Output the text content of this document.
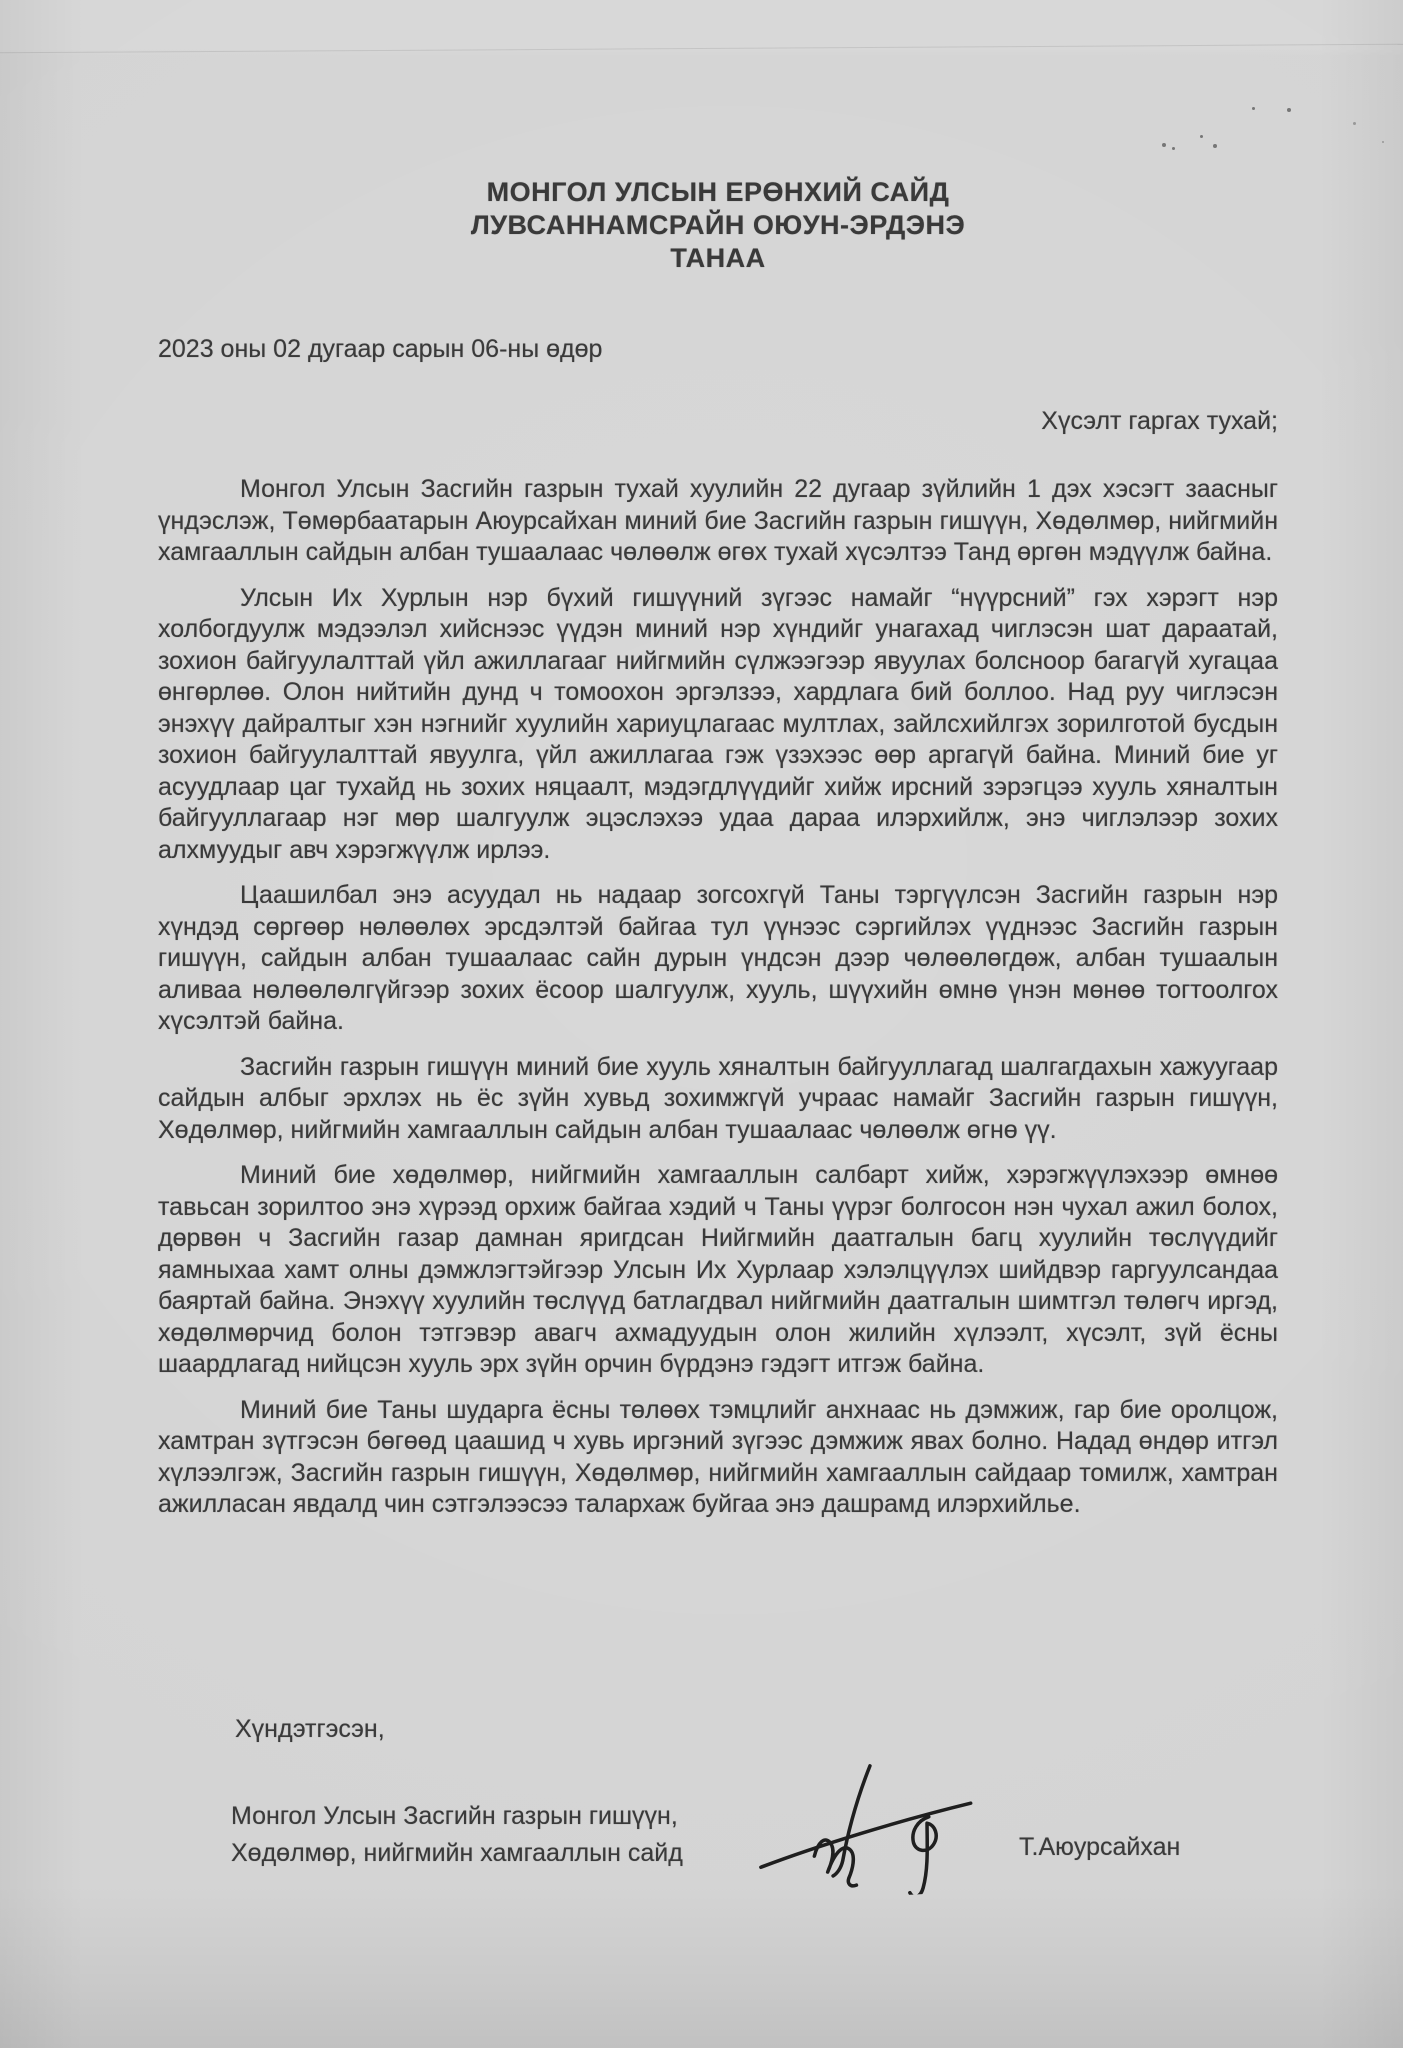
МОНГОЛ УЛСЫН ЕРӨНХИЙ САЙД
ЛУВСАННАМСРАЙН ОЮУН-ЭРДЭНЭ
ТАНАА
2023 оны 02 дугаар сарын 06-ны өдөр
Хүсэлт гаргах тухай;

Монгол Улсын Засгийн газрын тухай хуулийн 22 дугаар зүйлийн 1 дэх хэсэгт заасныг үндэслэж, Төмөрбаатарын Аюурсайхан миний бие Засгийн газрын гишүүн, Хөдөлмөр, нийгмийн хамгааллын сайдын албан тушаалаас чөлөөлж өгөх тухай хүсэлтээ Танд өргөн мэдүүлж байна.

Улсын Их Хурлын нэр бүхий гишүүний зүгээс намайг “нүүрсний” гэх хэрэгт нэр холбогдуулж мэдээлэл хийснээс үүдэн миний нэр хүндийг унагахад чиглэсэн шат дараатай, зохион байгуулалттай үйл ажиллагааг нийгмийн сүлжээгээр явуулах болсноор багагүй хугацаа өнгөрлөө. Олон нийтийн дунд ч томоохон эргэлзээ, хардлага бий боллоо. Над руу чиглэсэн энэхүү дайралтыг хэн нэгнийг хуулийн хариуцлагаас мултлах, зайлсхийлгэх зорилготой бусдын зохион байгуулалттай явуулга, үйл ажиллагаа гэж үзэхээс өөр аргагүй байна. Миний бие уг асуудлаар цаг тухайд нь зохих няцаалт, мэдэгдлүүдийг хийж ирсний зэрэгцээ хууль хяналтын байгууллагаар нэг мөр шалгуулж эцэслэхээ удаа дараа илэрхийлж, энэ чиглэлээр зохих алхмуудыг авч хэрэгжүүлж ирлээ.

Цаашилбал энэ асуудал нь надаар зогсохгүй Таны тэргүүлсэн Засгийн газрын нэр хүндэд сөргөөр нөлөөлөх эрсдэлтэй байгаа тул үүнээс сэргийлэх үүднээс Засгийн газрын гишүүн, сайдын албан тушаалаас сайн дурын үндсэн дээр чөлөөлөгдөж, албан тушаалын аливаа нөлөөлөлгүйгээр зохих ёсоор шалгуулж, хууль, шүүхийн өмнө үнэн мөнөө тогтоолгох хүсэлтэй байна.

Засгийн газрын гишүүн миний бие хууль хяналтын байгууллагад шалгагдахын хажуугаар сайдын албыг эрхлэх нь ёс зүйн хувьд зохимжгүй учраас намайг Засгийн газрын гишүүн, Хөдөлмөр, нийгмийн хамгааллын сайдын албан тушаалаас чөлөөлж өгнө үү.

Миний бие хөдөлмөр, нийгмийн хамгааллын салбарт хийж, хэрэгжүүлэхээр өмнөө тавьсан зорилтоо энэ хүрээд орхиж байгаа хэдий ч Таны үүрэг болгосон нэн чухал ажил болох, дөрвөн ч Засгийн газар дамнан яригдсан Нийгмийн даатгалын багц хуулийн төслүүдийг яамныхаа хамт олны дэмжлэгтэйгээр Улсын Их Хурлаар хэлэлцүүлэх шийдвэр гаргуулсандаа баяртай байна. Энэхүү хуулийн төслүүд батлагдвал нийгмийн даатгалын шимтгэл төлөгч иргэд, хөдөлмөрчид болон тэтгэвэр авагч ахмадуудын олон жилийн хүлээлт, хүсэлт, зүй ёсны шаардлагад нийцсэн хууль эрх зүйн орчин бүрдэнэ гэдэгт итгэж байна.

Миний бие Таны шударга ёсны төлөөх тэмцлийг анхнаас нь дэмжиж, гар бие оролцож, хамтран зүтгэсэн бөгөөд цаашид ч хувь иргэний зүгээс дэмжиж явах болно. Надад өндөр итгэл хүлээлгэж, Засгийн газрын гишүүн, Хөдөлмөр, нийгмийн хамгааллын сайдаар томилж, хамтран ажилласан явдалд чин сэтгэлээсээ талархаж буйгаа энэ дашрамд илэрхийлье.

Хүндэтгэсэн,
Монгол Улсын Засгийн газрын гишүүн,
Хөдөлмөр, нийгмийн хамгааллын сайд	Т.Аюурсайхан
